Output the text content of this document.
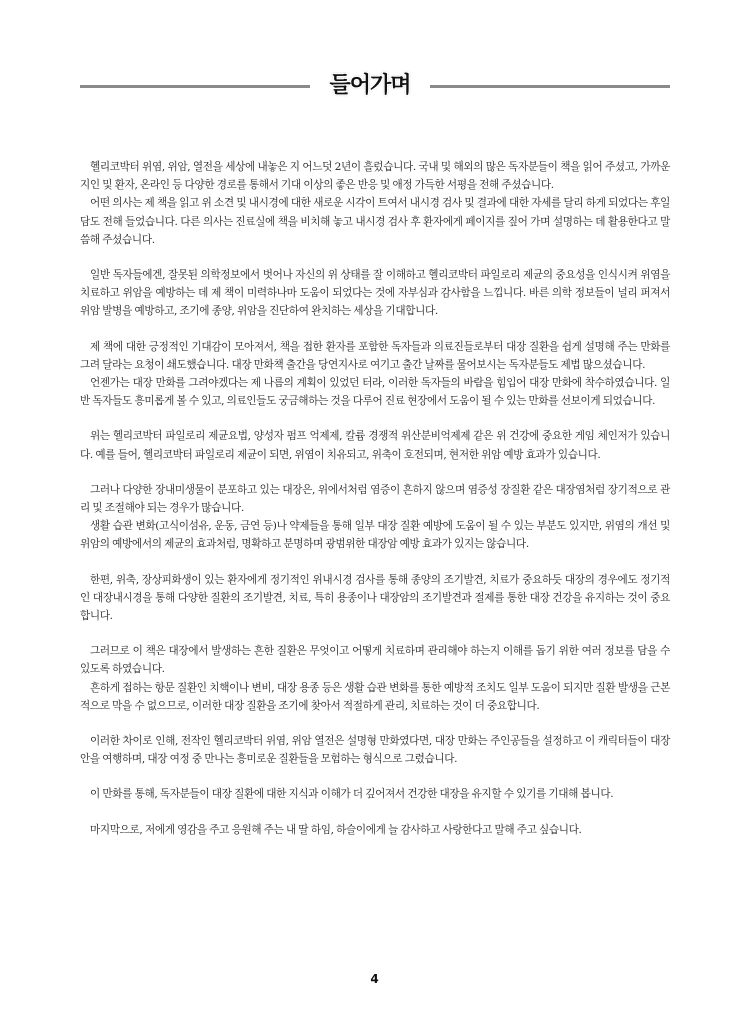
들어가며

헬리코박터 위염, 위암, 열전을 세상에 내놓은 지 어느덧 2년이 흘렀습니다. 국내 및 해외의 많은 독자분들이 책을 읽어 주셨고, 가까운 지인 및 환자, 온라인 등 다양한 경로를 통해서 기대 이상의 좋은 반응 및 애정 가득한 서평을 전해 주셨습니다.

어떤 의사는 제 책을 읽고 위 소견 및 내시경에 대한 새로운 시각이 트여서 내시경 검사 및 결과에 대한 자세를 달리 하게 되었다는 후일담도 전해 들었습니다. 다른 의사는 진료실에 책을 비치해 놓고 내시경 검사 후 환자에게 페이지를 짚어 가며 설명하는 데 활용한다고 말씀해 주셨습니다.

일반 독자들에겐, 잘못된 의학정보에서 벗어나 자신의 위 상태를 잘 이해하고 헬리코박터 파일로리 제균의 중요성을 인식시켜 위염을 치료하고 위암을 예방하는 데 제 책이 미력하나마 도움이 되었다는 것에 자부심과 감사함을 느낍니다. 바른 의학 정보들이 널리 퍼져서 위암 발병을 예방하고, 조기에 종양, 위암을 진단하여 완치하는 세상을 기대합니다.

제 책에 대한 긍정적인 기대감이 모아져서, 책을 접한 환자를 포함한 독자들과 의료진들로부터 대장 질환을 쉽게 설명해 주는 만화를 그려 달라는 요청이 쇄도했습니다. 대장 만화책 출간을 당연지사로 여기고 출간 날짜를 물어보시는 독자분들도 제법 많으셨습니다.

언젠가는 대장 만화를 그려야겠다는 제 나름의 계획이 있었던 터라, 이러한 독자들의 바람을 힘입어 대장 만화에 착수하였습니다. 일반 독자들도 흥미롭게 볼 수 있고, 의료인들도 궁금해하는 것을 다루어 진료 현장에서 도움이 될 수 있는 만화를 선보이게 되었습니다.

위는 헬리코박터 파일로리 제균요법, 양성자 펌프 억제제, 칼륨 경쟁적 위산분비억제제 같은 위 건강에 중요한 게임 체인저가 있습니다. 예를 들어, 헬리코박터 파일로리 제균이 되면, 위염이 치유되고, 위축이 호전되며, 현저한 위암 예방 효과가 있습니다.

그러나 다양한 장내미생물이 분포하고 있는 대장은, 위에서처럼 염증이 흔하지 않으며 염증성 장질환 같은 대장염처럼 장기적으로 관리 및 조절해야 되는 경우가 많습니다.

생활 습관 변화(고식이섬유, 운동, 금연 등)나 약제들을 통해 일부 대장 질환 예방에 도움이 될 수 있는 부분도 있지만, 위염의 개선 및 위암의 예방에서의 제균의 효과처럼, 명확하고 분명하며 광범위한 대장암 예방 효과가 있지는 않습니다.

한편, 위축, 장상피화생이 있는 환자에게 정기적인 위내시경 검사를 통해 종양의 조기발견, 치료가 중요하듯 대장의 경우에도 정기적인 대장내시경을 통해 다양한 질환의 조기발견, 치료, 특히 용종이나 대장암의 조기발견과 절제를 통한 대장 건강을 유지하는 것이 중요합니다.

그러므로 이 책은 대장에서 발생하는 흔한 질환은 무엇이고 어떻게 치료하며 관리해야 하는지 이해를 돕기 위한 여러 정보를 담을 수 있도록 하였습니다.

흔하게 접하는 항문 질환인 치핵이나 변비, 대장 용종 등은 생활 습관 변화를 통한 예방적 조치도 일부 도움이 되지만 질환 발생을 근본적으로 막을 수 없으므로, 이러한 대장 질환을 조기에 찾아서 적절하게 관리, 치료하는 것이 더 중요합니다.

이러한 차이로 인해, 전작인 헬리코박터 위염, 위암 열전은 설명형 만화였다면, 대장 만화는 주인공들을 설정하고 이 캐릭터들이 대장 안을 여행하며, 대장 여정 중 만나는 흥미로운 질환들을 모험하는 형식으로 그렸습니다.

이 만화를 통해, 독자분들이 대장 질환에 대한 지식과 이해가 더 깊어져서 건강한 대장을 유지할 수 있기를 기대해 봅니다.

마지막으로, 저에게 영감을 주고 응원해 주는 내 딸 하임, 하슬이에게 늘 감사하고 사랑한다고 말해 주고 싶습니다.

4
